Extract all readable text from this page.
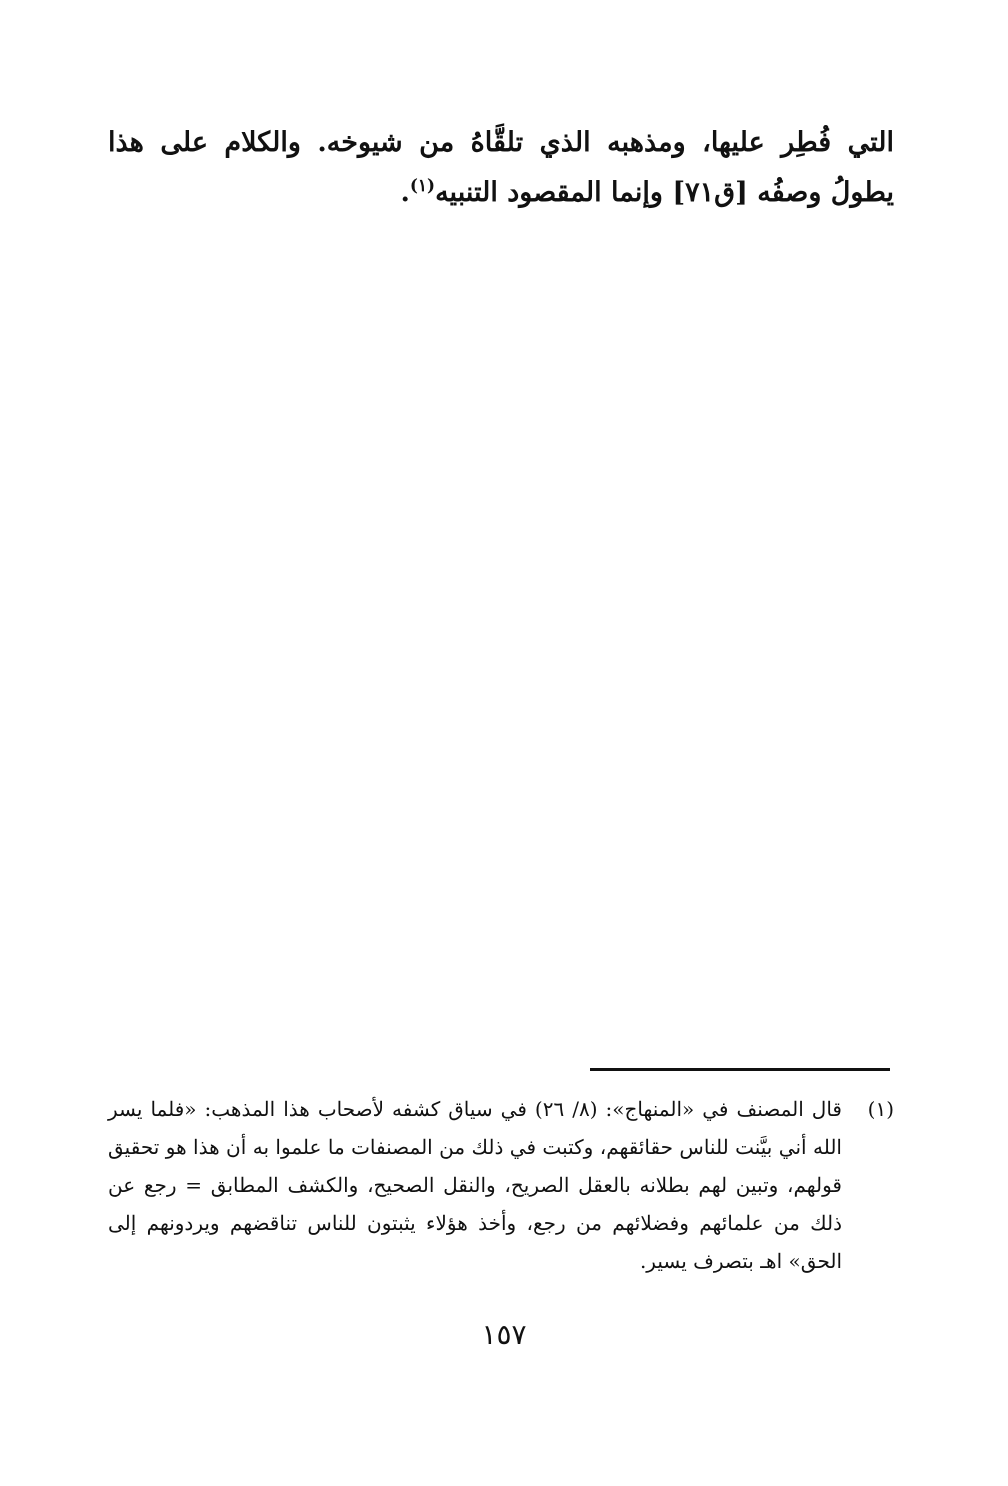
التي فُطِر عليها، ومذهبه الذي تلقَّاهُ من شيوخه. والكلام على هذا يطولُ وصفُه [ق٧١] وإنما المقصود التنبيه$^{(١)}$.

(١)
قال المصنف في «المنهاج»: (٨/ ٢٦) في سياق كشفه لأصحاب هذا المذهب: «فلما يسر الله أني بيَّنت للناس حقائقهم، وكتبت في ذلك من المصنفات ما علموا به أن هذا هو تحقيق قولهم، وتبين لهم بطلانه بالعقل الصريح، والنقل الصحيح، والكشف المطابق = رجع عن ذلك من علمائهم وفضلائهم من رجع، وأخذ هؤلاء يثبتون للناس تناقضهم ويردونهم إلى الحق» اهـ بتصرف يسير.
١٥٧
